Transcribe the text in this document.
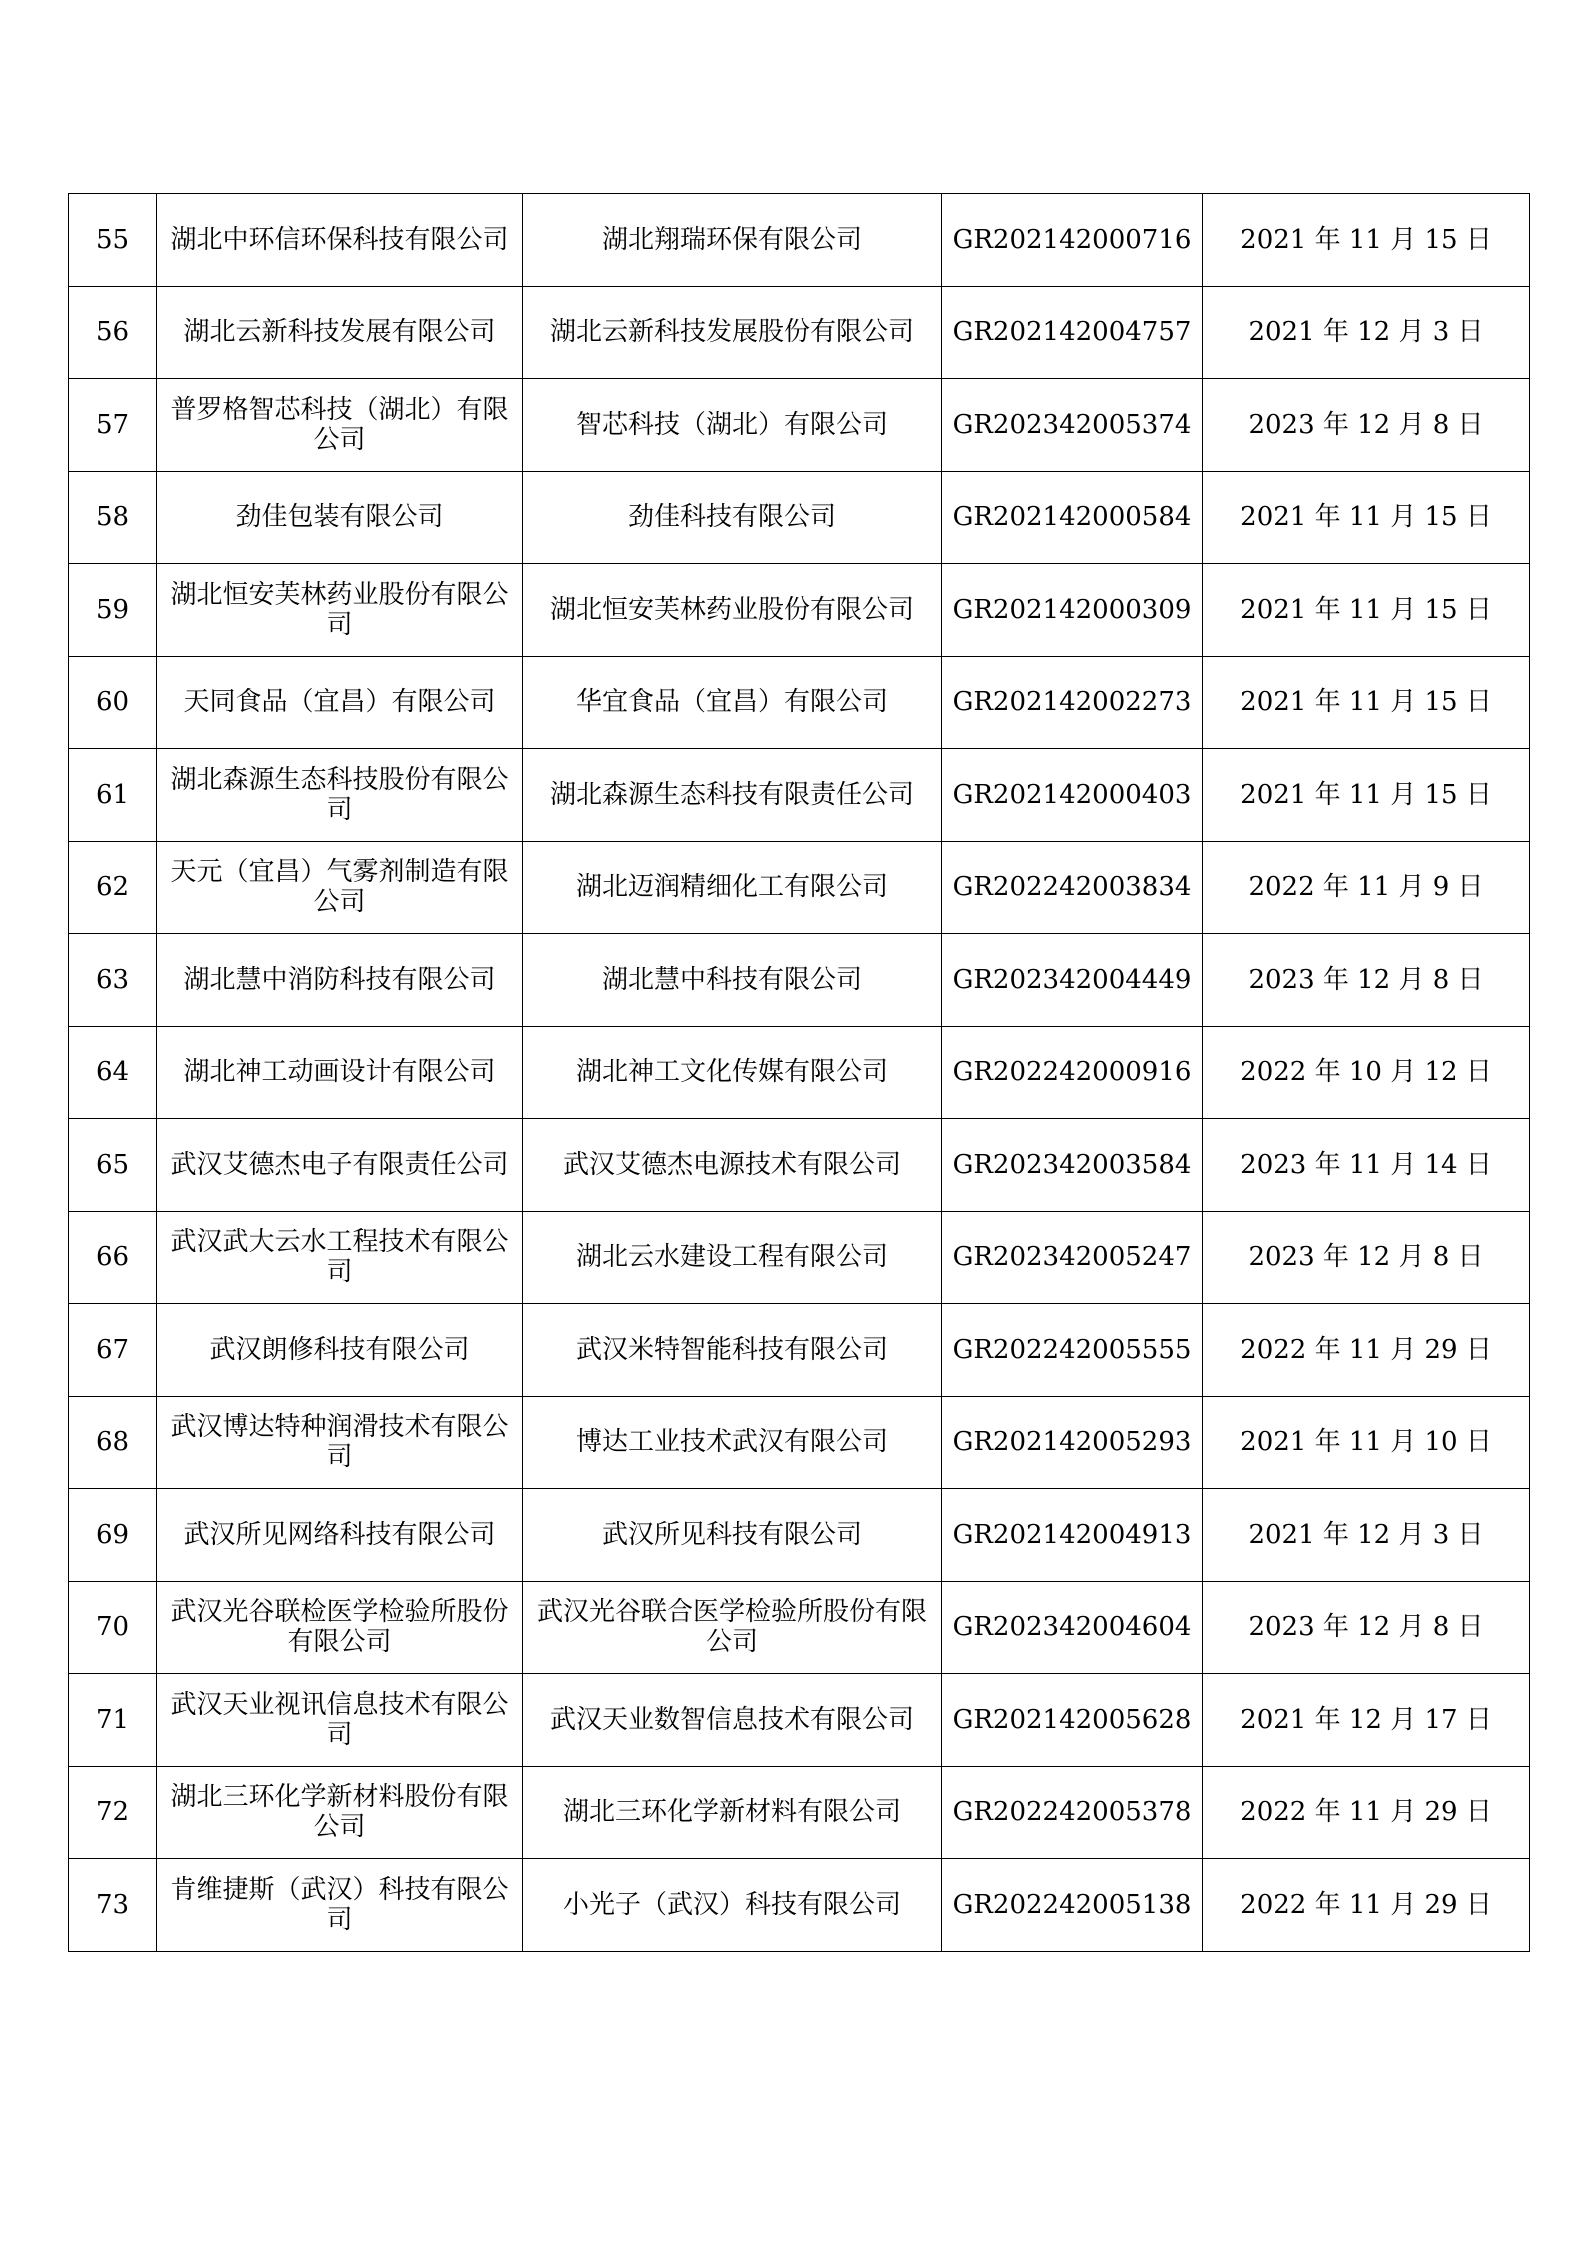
55	湖北中环信环保科技有限公司	湖北翔瑞环保有限公司	GR202142000716	2021 年 11 月 15 日
56	湖北云新科技发展有限公司	湖北云新科技发展股份有限公司	GR202142004757	2021 年 12 月 3 日
57	普罗格智芯科技（湖北）有限公司	智芯科技（湖北）有限公司	GR202342005374	2023 年 12 月 8 日
58	劲佳包装有限公司	劲佳科技有限公司	GR202142000584	2021 年 11 月 15 日
59	湖北恒安芙林药业股份有限公司	湖北恒安芙林药业股份有限公司	GR202142000309	2021 年 11 月 15 日
60	天同食品（宜昌）有限公司	华宜食品（宜昌）有限公司	GR202142002273	2021 年 11 月 15 日
61	湖北森源生态科技股份有限公司	湖北森源生态科技有限责任公司	GR202142000403	2021 年 11 月 15 日
62	天元（宜昌）气雾剂制造有限公司	湖北迈润精细化工有限公司	GR202242003834	2022 年 11 月 9 日
63	湖北慧中消防科技有限公司	湖北慧中科技有限公司	GR202342004449	2023 年 12 月 8 日
64	湖北神工动画设计有限公司	湖北神工文化传媒有限公司	GR202242000916	2022 年 10 月 12 日
65	武汉艾德杰电子有限责任公司	武汉艾德杰电源技术有限公司	GR202342003584	2023 年 11 月 14 日
66	武汉武大云水工程技术有限公司	湖北云水建设工程有限公司	GR202342005247	2023 年 12 月 8 日
67	武汉朗修科技有限公司	武汉米特智能科技有限公司	GR202242005555	2022 年 11 月 29 日
68	武汉博达特种润滑技术有限公司	博达工业技术武汉有限公司	GR202142005293	2021 年 11 月 10 日
69	武汉所见网络科技有限公司	武汉所见科技有限公司	GR202142004913	2021 年 12 月 3 日
70	武汉光谷联检医学检验所股份有限公司	武汉光谷联合医学检验所股份有限公司	GR202342004604	2023 年 12 月 8 日
71	武汉天业视讯信息技术有限公司	武汉天业数智信息技术有限公司	GR202142005628	2021 年 12 月 17 日
72	湖北三环化学新材料股份有限公司	湖北三环化学新材料有限公司	GR202242005378	2022 年 11 月 29 日
73	肯维捷斯（武汉）科技有限公司	小光子（武汉）科技有限公司	GR202242005138	2022 年 11 月 29 日
